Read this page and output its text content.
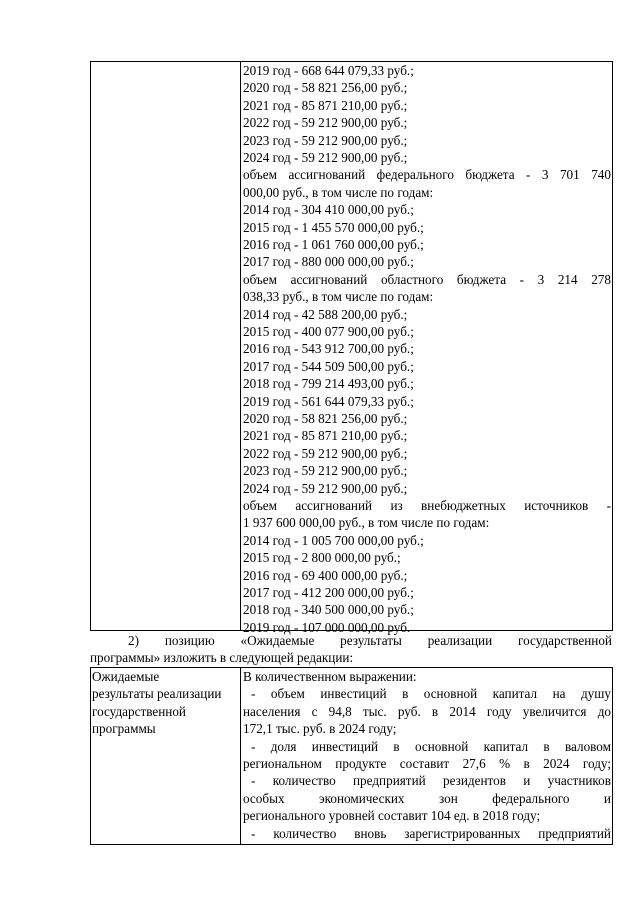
2019 год - 668 644 079,33 руб.;
2020 год - 58 821 256,00 руб.;
2021 год - 85 871 210,00 руб.;
2022 год - 59 212 900,00 руб.;
2023 год - 59 212 900,00 руб.;
2024 год - 59 212 900,00 руб.;
объем ассигнований федерального бюджета - 3 701 740
000,00 руб., в том числе по годам:
2014 год - 304 410 000,00 руб.;
2015 год - 1 455 570 000,00 руб.;
2016 год - 1 061 760 000,00 руб.;
2017 год - 880 000 000,00 руб.;
объем ассигнований областного бюджета - 3 214 278
038,33 руб., в том числе по годам:
2014 год - 42 588 200,00 руб.;
2015 год - 400 077 900,00 руб.;
2016 год - 543 912 700,00 руб.;
2017 год - 544 509 500,00 руб.;
2018 год - 799 214 493,00 руб.;
2019 год - 561 644 079,33 руб.;
2020 год - 58 821 256,00 руб.;
2021 год - 85 871 210,00 руб.;
2022 год - 59 212 900,00 руб.;
2023 год - 59 212 900,00 руб.;
2024 год - 59 212 900,00 руб.;
объем ассигнований из внебюджетных источников -
1 937 600 000,00 руб., в том числе по годам:
2014 год - 1 005 700 000,00 руб.;
2015 год - 2 800 000,00 руб.;
2016 год - 69 400 000,00 руб.;
2017 год - 412 200 000,00 руб.;
2018 год - 340 500 000,00 руб.;
2019 год - 107 000 000,00 руб.
2) позицию «Ожидаемые результаты реализации государственной
программы» изложить в следующей редакции:
Ожидаемые
результаты реализации
государственной
программы
В количественном выражении:
- объем инвестиций в основной капитал на душу
населения с 94,8 тыс. руб. в 2014 году увеличится до
172,1 тыс. руб. в 2024 году;
- доля инвестиций в основной капитал в валовом
региональном продукте составит 27,6 % в 2024 году;
- количество предприятий резидентов и участников
особых экономических зон федерального и
регионального уровней составит 104 ед. в 2018 году;
- количество вновь зарегистрированных предприятий
